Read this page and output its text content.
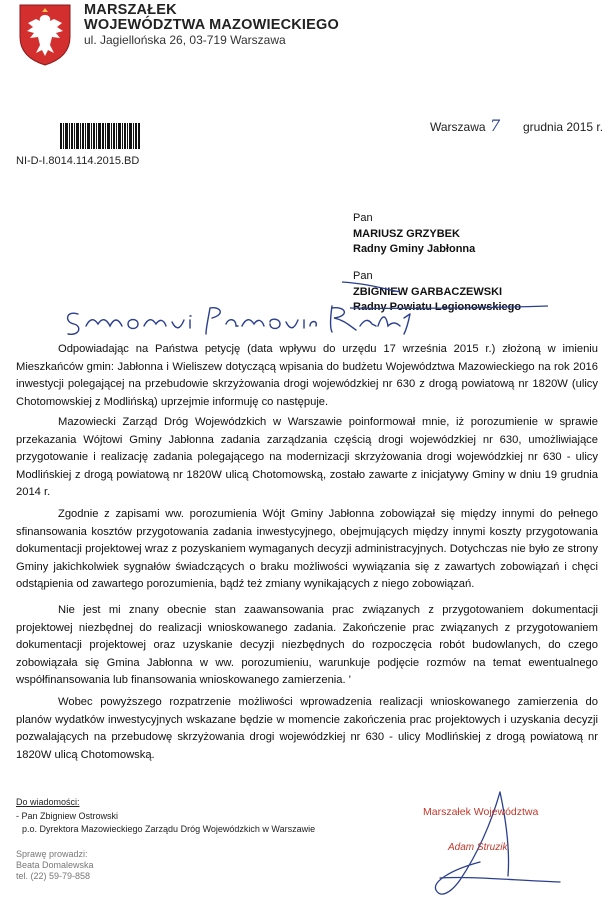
MARSZAŁEK
WOJEWÓDZTWA MAZOWIECKIEGO
ul. Jagiellońska 26, 03-719 Warszawa
NI-D-I.8014.114.2015.BD
Warszawa 7 grudnia 2015 r.
Pan
MARIUSZ GRZYBEK
Radny Gminy Jabłonna
Pan
ZBIGNIEW GARBACZEWSKI
Radny Powiatu Legionowskiego
Odpowiadając na Państwa petycję (data wpływu do urzędu 17 września 2015 r.) złożoną w imieniu Mieszkańców gmin: Jabłonna i Wieliszew dotyczącą wpisania do budżetu Województwa Mazowieckiego na rok 2016 inwestycji polegającej na przebudowie skrzyżowania drogi wojewódzkiej nr 630 z drogą powiatową nr 1820W (ulicy Chotomowskiej z Modlińską) uprzejmie informuję co następuje.
Mazowiecki Zarząd Dróg Wojewódzkich w Warszawie poinformował mnie, iż porozumienie w sprawie przekazania Wójtowi Gminy Jabłonna zadania zarządzania częścią drogi wojewódzkiej nr 630, umożliwiające przygotowanie i realizację zadania polegającego na modernizacji skrzyżowania drogi wojewódzkiej nr 630 - ulicy Modlińskiej z drogą powiatową nr 1820W ulicą Chotomowską, zostało zawarte z inicjatywy Gminy w dniu 19 grudnia 2014 r.
Zgodnie z zapisami ww. porozumienia Wójt Gminy Jabłonna zobowiązał się między innymi do pełnego sfinansowania kosztów przygotowania zadania inwestycyjnego, obejmujących między innymi koszty przygotowania dokumentacji projektowej wraz z pozyskaniem wymaganych decyzji administracyjnych. Dotychczas nie było ze strony Gminy jakichkolwiek sygnałów świadczących o braku możliwości wywiązania się z zawartych zobowiązań i chęci odstąpienia od zawartego porozumienia, bądź też zmiany wynikających z niego zobowiązań.
Nie jest mi znany obecnie stan zaawansowania prac związanych z przygotowaniem dokumentacji projektowej niezbędnej do realizacji wnioskowanego zadania. Zakończenie prac związanych z przygotowaniem dokumentacji projektowej oraz uzyskanie decyzji niezbędnych do rozpoczęcia robót budowlanych, do czego zobowiązała się Gmina Jabłonna w ww. porozumieniu, warunkuje podjęcie rozmów na temat ewentualnego współfinansowania lub finansowania wnioskowanego zamierzenia. '
Wobec powyższego rozpatrzenie możliwości wprowadzenia realizacji wnioskowanego zamierzenia do planów wydatków inwestycyjnych wskazane będzie w momencie zakończenia prac projektowych i uzyskania decyzji pozwalających na przebudowę skrzyżowania drogi wojewódzkiej nr 630 - ulicy Modlińskiej z drogą powiatową nr 1820W ulicą Chotomowską.
Do wiadomości:
- Pan Zbigniew Ostrowski
p.o. Dyrektora Mazowieckiego Zarządu Dróg Wojewódzkich w Warszawie
Sprawę prowadzi:
Beata Domalewska
tel. (22) 59-79-858
Marszałek Województwa
Adam Struzik
